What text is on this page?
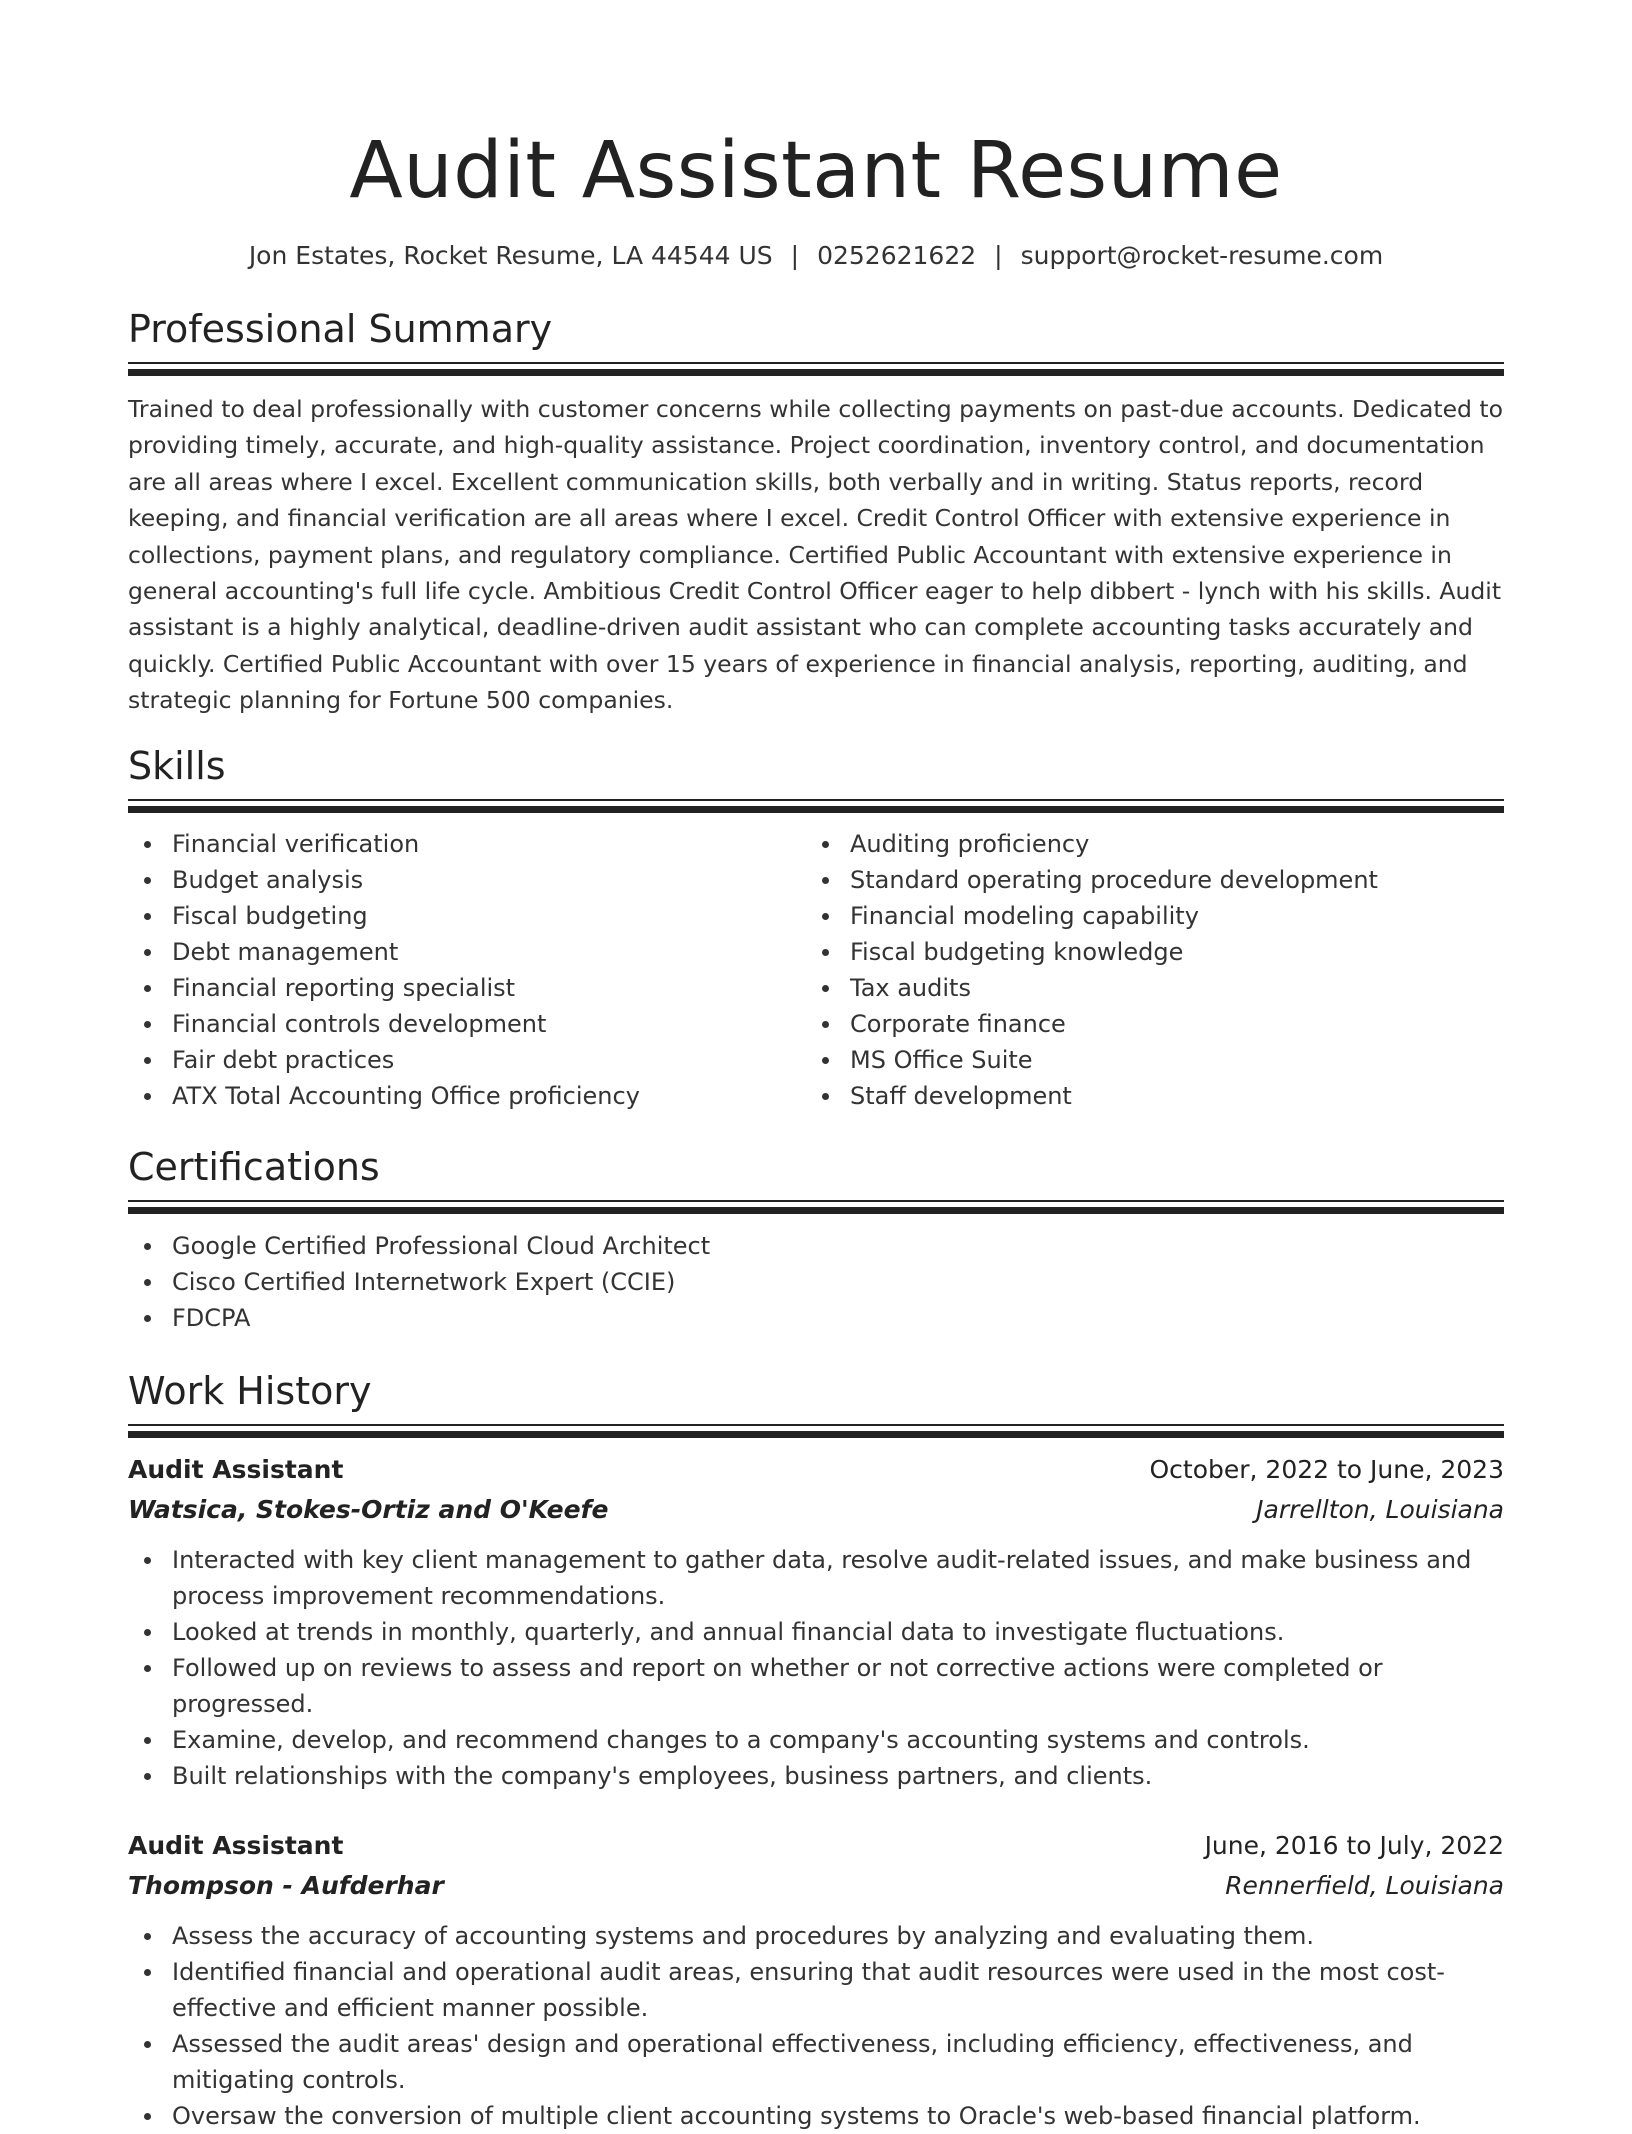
Audit Assistant Resume
Jon Estates, Rocket Resume, LA 44544 US | 0252621622 | support@rocket-resume.com
Professional Summary

Trained to deal professionally with customer concerns while collecting payments on past-due accounts. Dedicated to providing timely, accurate, and high-quality assistance. Project coordination, inventory control, and documentation are all areas where I excel. Excellent communication skills, both verbally and in writing. Status reports, record keeping, and financial verification are all areas where I excel. Credit Control Officer with extensive experience in collections, payment plans, and regulatory compliance. Certified Public Accountant with extensive experience in general accounting's full life cycle. Ambitious Credit Control Officer eager to help dibbert - lynch with his skills. Audit assistant is a highly analytical, deadline-driven audit assistant who can complete accounting tasks accurately and quickly. Certified Public Accountant with over 15 years of experience in financial analysis, reporting, auditing, and strategic planning for Fortune 500 companies.

Skills
Financial verification
Budget analysis
Fiscal budgeting
Debt management
Financial reporting specialist
Financial controls development
Fair debt practices
ATX Total Accounting Office proficiency
Auditing proficiency
Standard operating procedure development
Financial modeling capability
Fiscal budgeting knowledge
Tax audits
Corporate finance
MS Office Suite
Staff development
Certifications
Google Certified Professional Cloud Architect
Cisco Certified Internetwork Expert (CCIE)
FDCPA
Work History
Audit Assistant	October, 2022 to June, 2023
Watsica, Stokes-Ortiz and O'Keefe	Jarrellton, Louisiana
Interacted with key client management to gather data, resolve audit-related issues, and make business and process improvement recommendations.
Looked at trends in monthly, quarterly, and annual financial data to investigate fluctuations.
Followed up on reviews to assess and report on whether or not corrective actions were completed or progressed.
Examine, develop, and recommend changes to a company's accounting systems and controls.
Built relationships with the company's employees, business partners, and clients.
Audit Assistant	June, 2016 to July, 2022
Thompson - Aufderhar	Rennerfield, Louisiana
Assess the accuracy of accounting systems and procedures by analyzing and evaluating them.
Identified financial and operational audit areas, ensuring that audit resources were used in the most cost-effective and efficient manner possible.
Assessed the audit areas' design and operational effectiveness, including efficiency, effectiveness, and mitigating controls.
Oversaw the conversion of multiple client accounting systems to Oracle's web-based financial platform.
